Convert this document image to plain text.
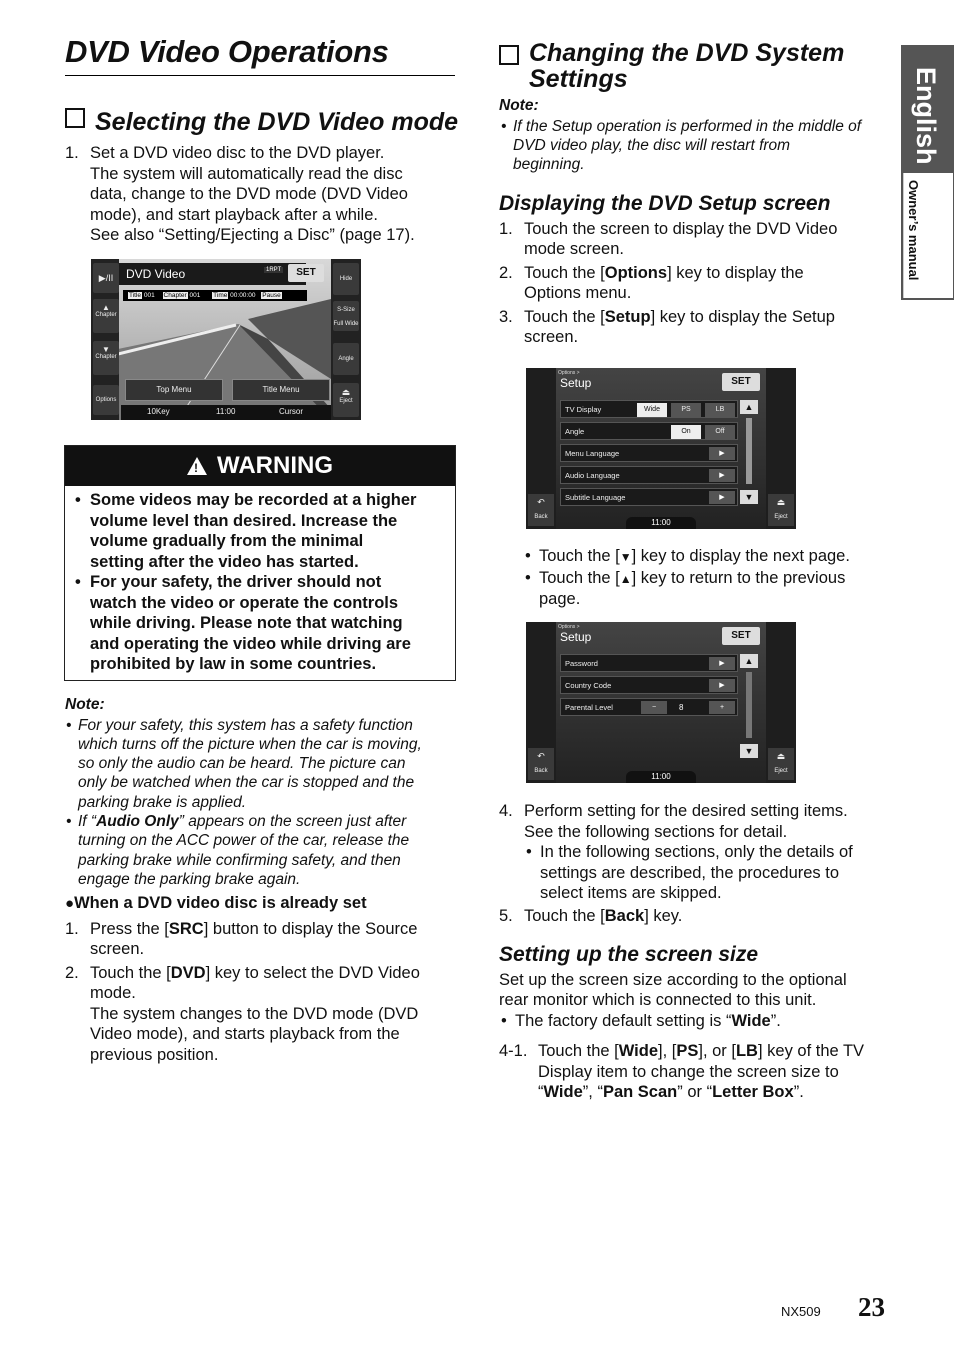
DVD Video Operations
English
Owner’s manual
Selecting the DVD Video mode
1. Set a DVD video disc to the DVD player.
The system will automatically read the disc
data, change to the DVD mode (DVD Video
mode), and start playback after a while.
See also “Setting/Ejecting a Disc” (page 17).
DVD Video	1RPT	SET
Title 001 Chapter 001 Time 00:00:00 Pause
▶/II
▲
Chapter
▼
Chapter
Options
Hide
S-Size
Full Wide
Angle
⏏
Eject
Top Menu	Title Menu
10Key	11:00	Cursor
! WARNING
• Some videos may be recorded at a higher
volume level than desired. Increase the
volume gradually from the minimal
setting after the video has started.
• For your safety, the driver should not
watch the video or operate the controls
while driving. Please note that watching
and operating the video while driving are
prohibited by law in some countries.
Note:
• For your safety, this system has a safety function
which turns off the picture when the car is moving,
so only the audio can be heard. The picture can
only be watched when the car is stopped and the
parking brake is applied.
• If “Audio Only” appears on the screen just after
turning on the ACC power of the car, release the
parking brake while confirming safety, and then
engage the parking brake again.
●When a DVD video disc is already set
1. Press the [SRC] button to display the Source
screen.
2. Touch the [DVD] key to select the DVD Video
mode.
The system changes to the DVD mode (DVD
Video mode), and starts playback from the
previous position.
Changing the DVD System
Settings
Note:
• If the Setup operation is performed in the middle of
DVD video play, the disc will restart from
beginning.
Displaying the DVD Setup screen
1. Touch the screen to display the DVD Video
mode screen.
2. Touch the [Options] key to display the
Options menu.
3. Touch the [Setup] key to display the Setup
screen.
Options >
Setup	SET
TV Display	Wide	PS	LB
Angle	On	Off
Menu Language	▶
Audio Language	▶
Subtitle Language	▶
▲
▼
↶
Back
⏏
Eject
11:00
• Touch the [▼] key to display the next page.
• Touch the [▲] key to return to the previous
page.
Options >
Setup	SET
Password	▶
Country Code	▶
Parental Level	−	8	+
▲
▼
↶
Back
⏏
Eject
11:00
4. Perform setting for the desired setting items.
See the following sections for detail.
• In the following sections, only the details of
settings are described, the procedures to
select items are skipped.
5. Touch the [Back] key.
Setting up the screen size
Set up the screen size according to the optional
rear monitor which is connected to this unit.
• The factory default setting is “Wide”.
4-1. Touch the [Wide], [PS], or [LB] key of the TV
Display item to change the screen size to
“Wide”, “Pan Scan” or “Letter Box”.
NX509 23
